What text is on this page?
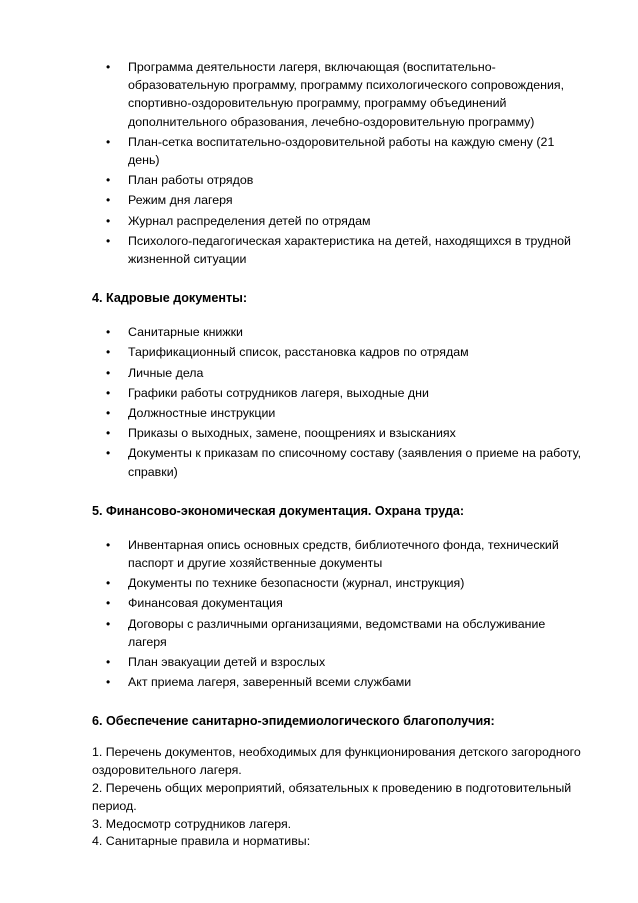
• Программа деятельности лагеря, включающая (воспитательно-образовательную программу, программу психологического сопровождения, спортивно-оздоровительную программу, программу объединений дополнительного образования, лечебно-оздоровительную программу)
• План-сетка воспитательно-оздоровительной работы на каждую смену (21 день)
• План работы отрядов
• Режим дня лагеря
• Журнал распределения детей по отрядам
• Психолого-педагогическая характеристика на детей, находящихся в трудной жизненной ситуации
4. Кадровые документы:
• Санитарные книжки
• Тарификационный список, расстановка кадров по отрядам
• Личные дела
• Графики работы сотрудников лагеря, выходные дни
• Должностные инструкции
• Приказы о выходных, замене, поощрениях и взысканиях
• Документы к приказам по списочному составу (заявления о приеме на работу, справки)
5. Финансово-экономическая документация. Охрана труда:
• Инвентарная опись основных средств, библиотечного фонда, технический паспорт и другие хозяйственные документы
• Документы по технике безопасности (журнал, инструкция)
• Финансовая документация
• Договоры с различными организациями, ведомствами на обслуживание лагеря
• План эвакуации детей и взрослых
• Акт приема лагеря, заверенный всеми службами
6. Обеспечение санитарно-эпидемиологического благополучия:

1. Перечень документов, необходимых для функционирования детского загородного оздоровительного лагеря.

2. Перечень общих мероприятий, обязательных к проведению в подготовительный период.

3. Медосмотр сотрудников лагеря.

4. Санитарные правила и нормативы:
